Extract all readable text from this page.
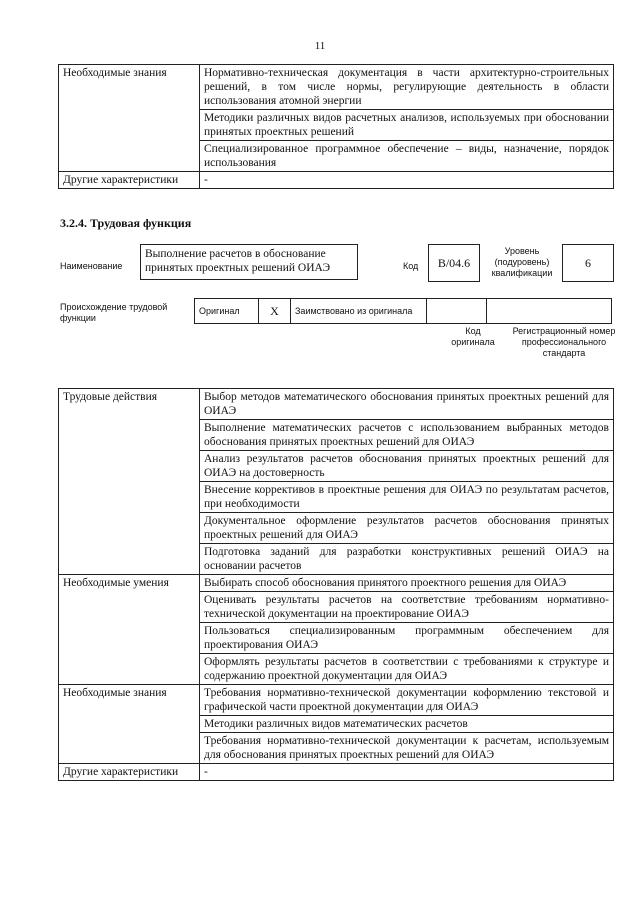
11
Необходимые знания	Нормативно-техническая документация в части архитектурно-строительных решений, в том числе нормы, регулирующие деятельность в области использования атомной энергии
	Методики различных видов расчетных анализов, используемых при обосновании принятых проектных решений
	Специализированное программное обеспечение – виды, назначение, порядок использования
Другие характеристики	-
3.2.4. Трудовая функция
Наименование
Выполнение расчетов в обоснование принятых проектных решений ОИАЭ	Код	B/04.6
Уровень (подуровень) квалификации
6
Происхождение трудовой функции
Оригинал	X	Заимствовано из оригинала
Код оригинала
Регистрационный номер профессионального стандарта
Трудовые действия	Выбор методов математического обоснования принятых проектных решений для ОИАЭ
	Выполнение математических расчетов с использованием выбранных методов обоснования принятых проектных решений для ОИАЭ
	Анализ результатов расчетов обоснования принятых проектных решений для ОИАЭ на достоверность
	Внесение коррективов в проектные решения для ОИАЭ по результатам расчетов, при необходимости
	Документальное оформление результатов расчетов обоснования принятых проектных решений для ОИАЭ
	Подготовка заданий для разработки конструктивных решений ОИАЭ на основании расчетов
Необходимые умения	Выбирать способ обоснования принятого проектного решения для ОИАЭ
	Оценивать результаты расчетов на соответствие требованиям нормативно-технической документации на проектирование ОИАЭ
	Пользоваться специализированным программным обеспечением для проектирования ОИАЭ
	Оформлять результаты расчетов в соответствии с требованиями к структуре и содержанию проектной документации для ОИАЭ
Необходимые знания	Требования нормативно-технической документации коформлению текстовой и графической части проектной документации для ОИАЭ
	Методики различных видов математических расчетов
	Требования нормативно-технической документации к расчетам, используемым для обоснования принятых проектных решений для ОИАЭ
Другие характеристики	-
